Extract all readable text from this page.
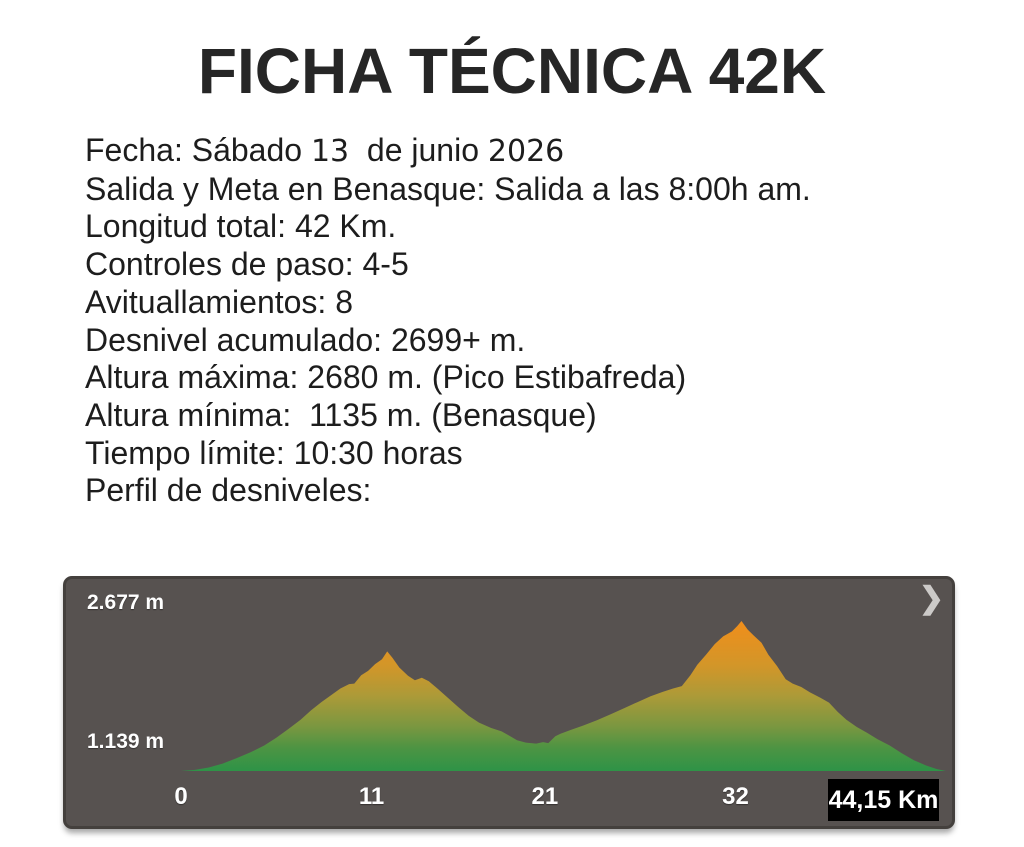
FICHA TÉCNICA 42K
Fecha: Sábado 13  de junio 2026
Salida y Meta en Benasque: Salida a las 8:00h am.
Longitud total: 42 Km.
Controles de paso: 4-5
Avituallamientos: 8
Desnivel acumulado: 2699+ m.
Altura máxima: 2680 m. (Pico Estibafreda)
Altura mínima:  1135 m. (Benasque)
Tiempo límite: 10:30 horas
Perfil de desniveles:
2.677 m
1.139 m
0	11	21	32	44,15 Km
❯
